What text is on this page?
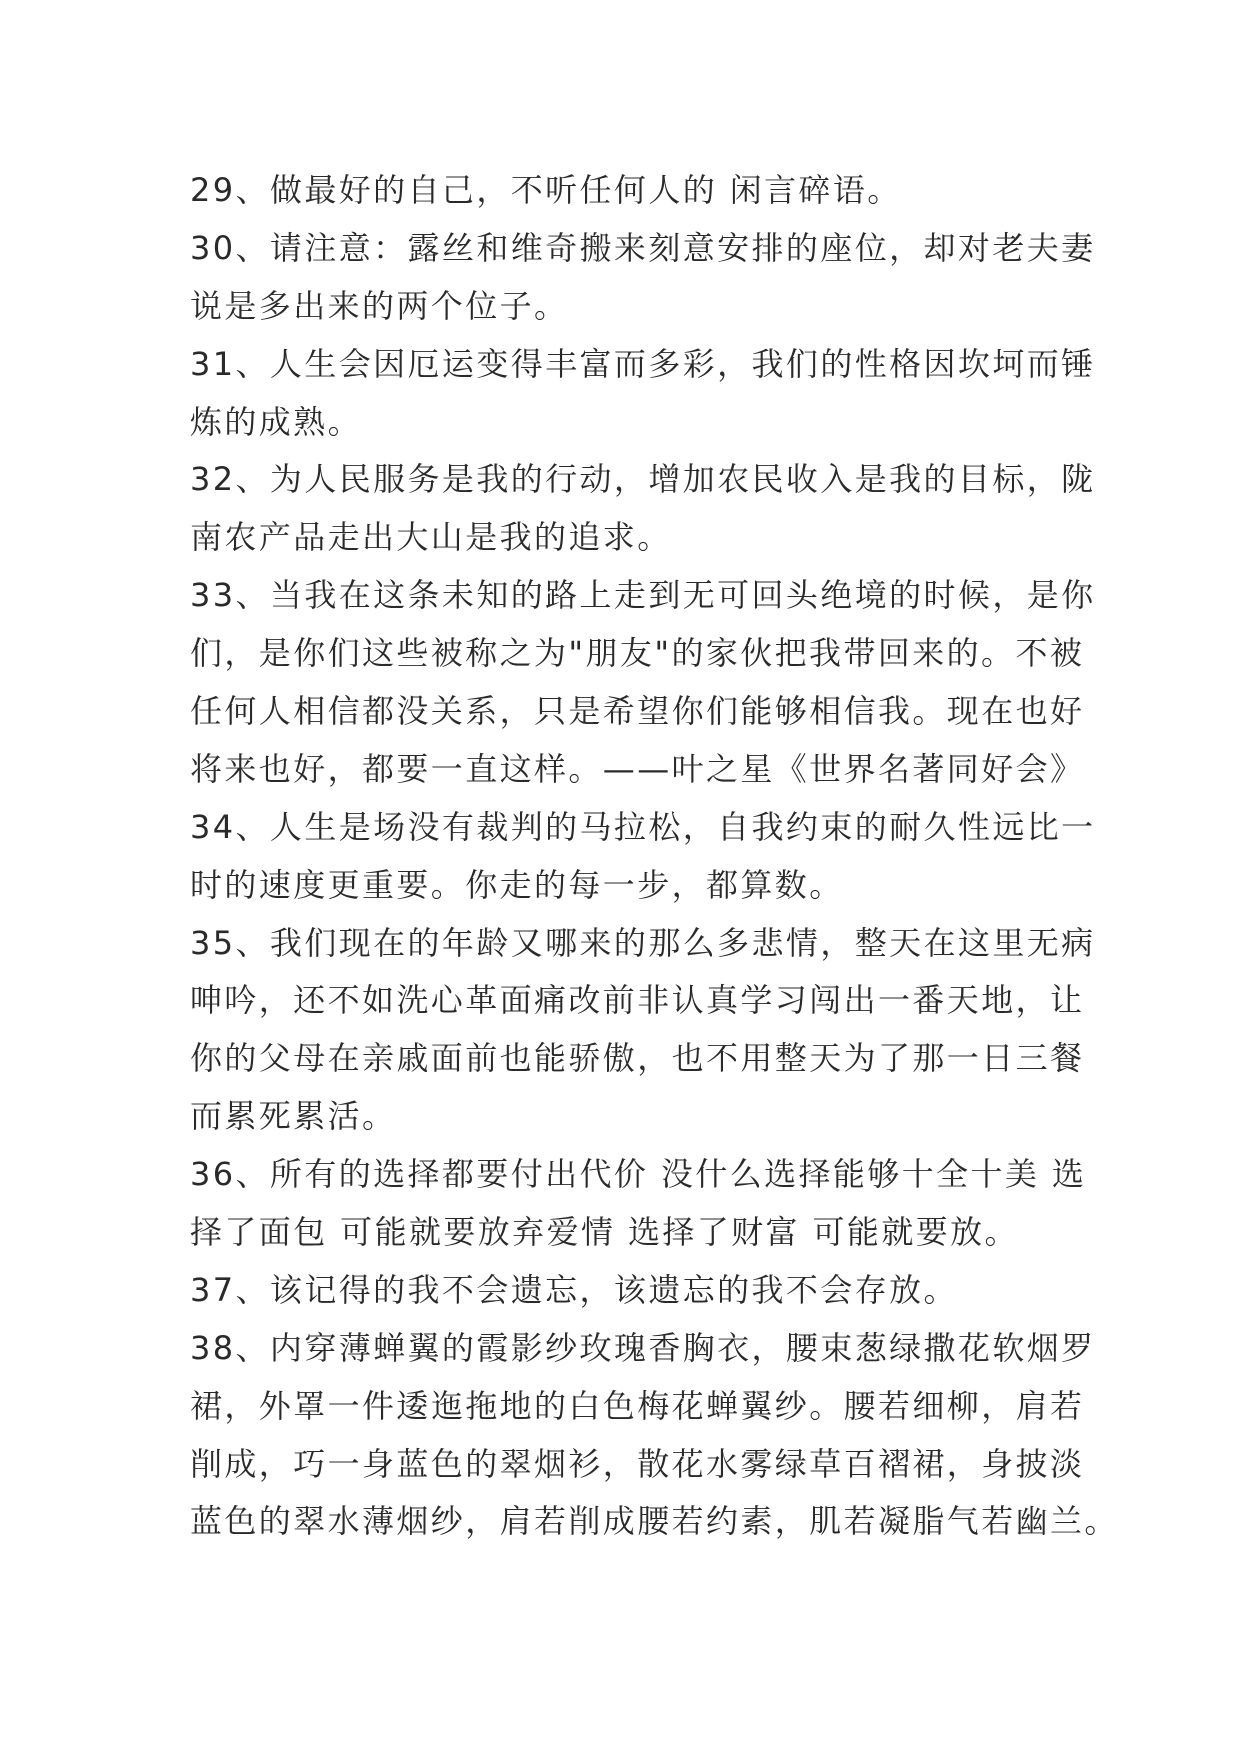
29、做最好的自己，不听任何人的 闲言碎语。
30、请注意：露丝和维奇搬来刻意安排的座位，却对老夫妻
说是多出来的两个位子。
31、人生会因厄运变得丰富而多彩，我们的性格因坎坷而锤
炼的成熟。
32、为人民服务是我的行动，增加农民收入是我的目标，陇
南农产品走出大山是我的追求。
33、当我在这条未知的路上走到无可回头绝境的时候，是你
们，是你们这些被称之为"朋友"的家伙把我带回来的。不被
任何人相信都没关系，只是希望你们能够相信我。现在也好
将来也好，都要一直这样。——叶之星《世界名著同好会》
34、人生是场没有裁判的马拉松，自我约束的耐久性远比一
时的速度更重要。你走的每一步，都算数。
35、我们现在的年龄又哪来的那么多悲情，整天在这里无病
呻吟，还不如洗心革面痛改前非认真学习闯出一番天地，让
你的父母在亲戚面前也能骄傲，也不用整天为了那一日三餐
而累死累活。
36、所有的选择都要付出代价 没什么选择能够十全十美 选
择了面包 可能就要放弃爱情 选择了财富 可能就要放。
37、该记得的我不会遗忘，该遗忘的我不会存放。
38、内穿薄蝉翼的霞影纱玫瑰香胸衣，腰束葱绿撒花软烟罗
裙，外罩一件逶迤拖地的白色梅花蝉翼纱。腰若细柳，肩若
削成，巧一身蓝色的翠烟衫，散花水雾绿草百褶裙，身披淡
蓝色的翠水薄烟纱，肩若削成腰若约素，肌若凝脂气若幽兰。
